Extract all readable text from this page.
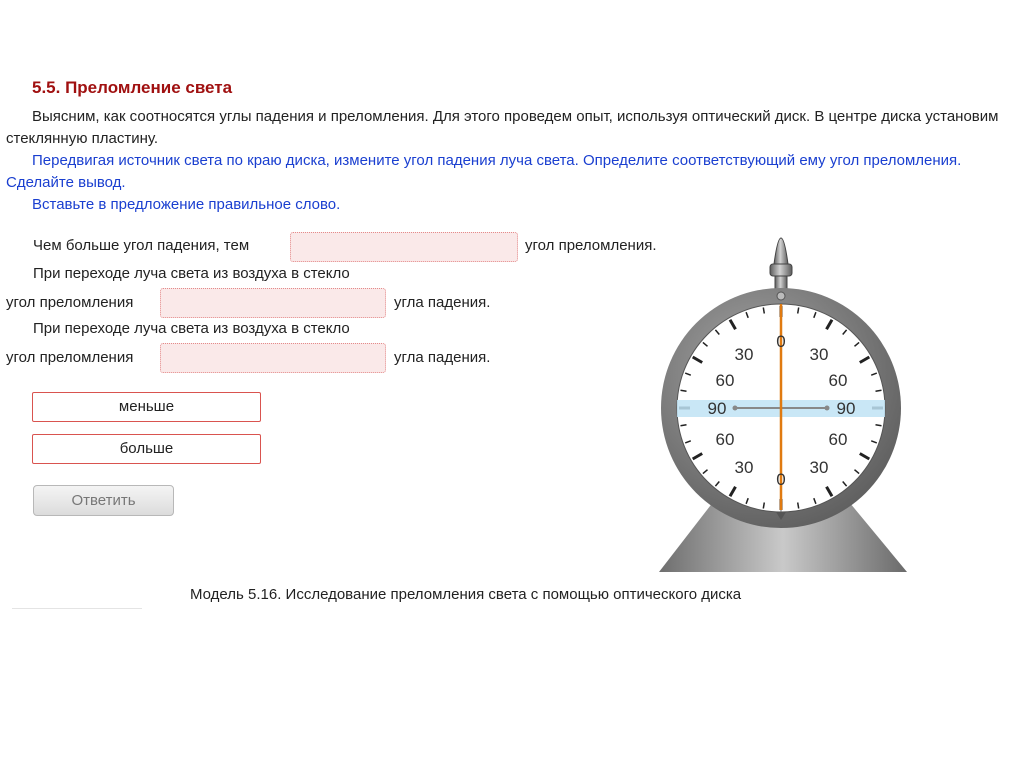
5.5. Преломление света

Выясним, как соотносятся углы падения и преломления. Для этого проведем опыт, используя оптический диск. В центре диска установим стеклянную пластину.

Передвигая источник света по краю диска, измените угол падения луча света. Определите соответствующий ему угол преломления. Сделайте вывод.

Вставьте в предложение правильное слово.

Чем больше угол падения, тем	угол преломления.
При переходе луча света из воздуха в стекло
угол преломления	угла падения.
При переходе луча света из воздуха в стекло
угол преломления	угла падения.
меньше
больше
Ответить
0
30	30
60	60
90	90
60	60
30	30
0
Модель 5.16. Исследование преломления света с помощью оптического диска
